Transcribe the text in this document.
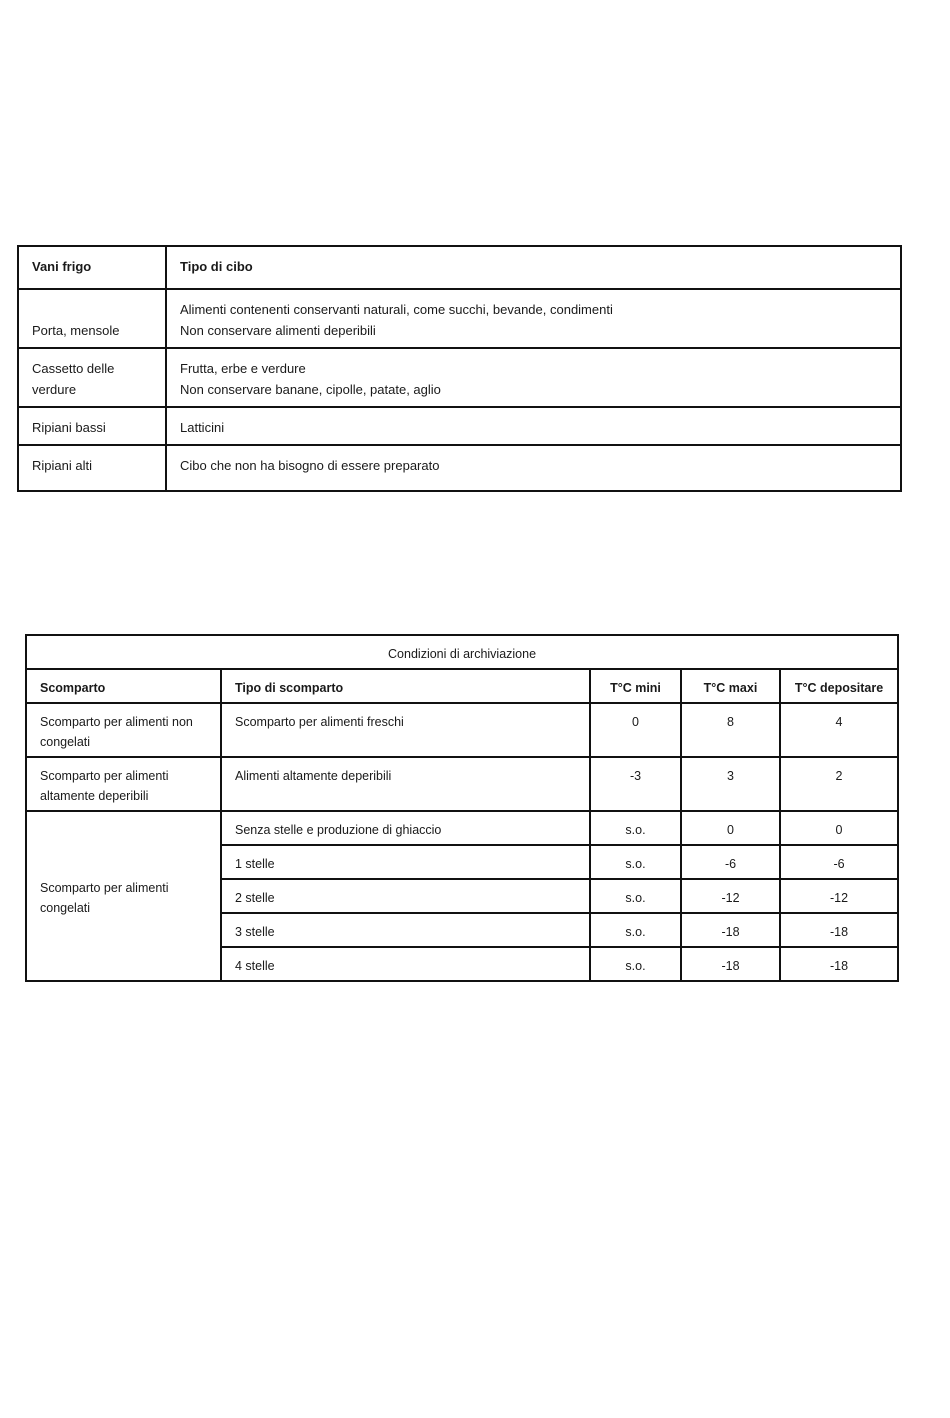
Vani frigo	Tipo di cibo
Porta, mensole	Alimenti contenenti conservanti naturali, come succhi, bevande, condimenti
Non conservare alimenti deperibili

Cassetto delle verdure	Frutta, erbe e verdure
Non conservare banane, cipolle, patate, aglio

Ripiani bassi	Latticini

Ripiani alti	Cibo che non ha bisogno di essere preparato
Condizioni di archiviazione				
Scomparto	Tipo di scomparto	T°C mini	T°C maxi	T°C depositare
Scomparto per alimenti non congelati	Scomparto per alimenti freschi	0	8	4
Scomparto per alimenti altamente deperibili	Alimenti altamente deperibili	-3	3	2
Scomparto per alimenti congelati	Senza stelle e produzione di ghiaccio	s.o.	0	0
	1 stelle	s.o.	-6	-6
	2 stelle	s.o.	-12	-12
	3 stelle	s.o.	-18	-18
	4 stelle	s.o.	-18	-18
